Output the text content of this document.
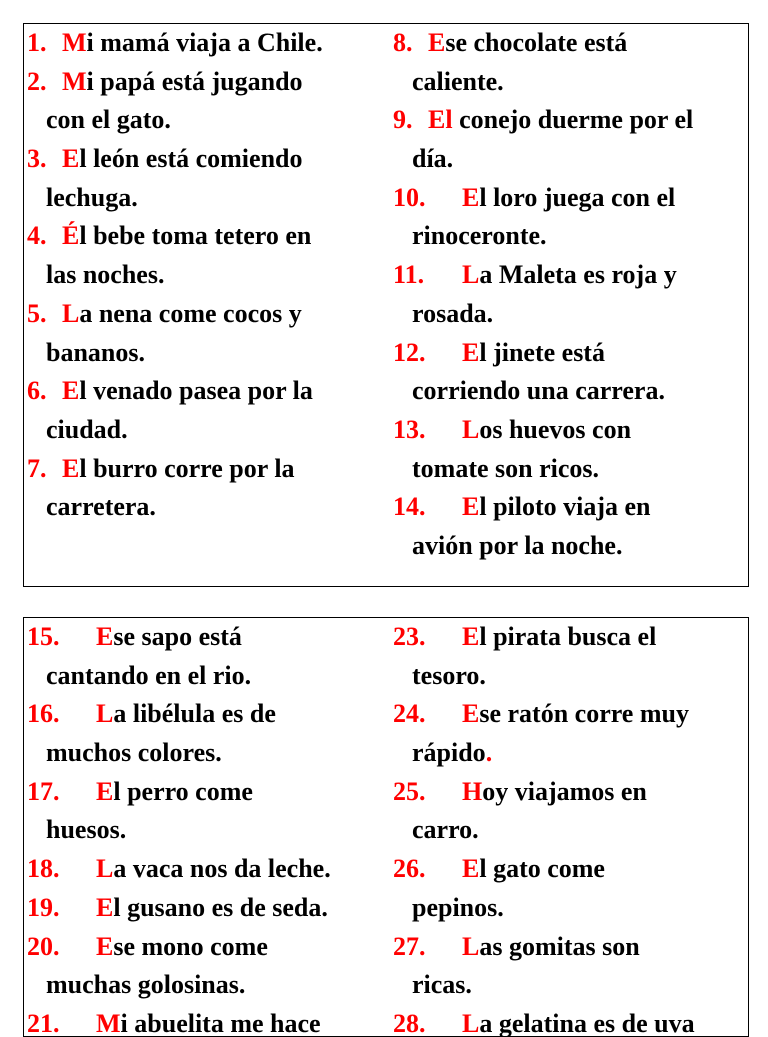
1. Mi mamá viaja a Chile.
2. Mi papá está jugando
con el gato.
3. El león está comiendo
lechuga.
4. Él bebe toma tetero en
las noches.
5. La nena come cocos y
bananos.
6. El venado pasea por la
ciudad.
7. El burro corre por la
carretera.
8. Ese chocolate está
caliente.
9. El conejo duerme por el
día.
10. El loro juega con el
rinoceronte.
11. La Maleta es roja y
rosada.
12. El jinete está
corriendo una carrera.
13. Los huevos con
tomate son ricos.
14. El piloto viaja en
avión por la noche.
15. Ese sapo está
cantando en el rio.
16. La libélula es de
muchos colores.
17. El perro come
huesos.
18. La vaca nos da leche.
19. El gusano es de seda.
20. Ese mono come
muchas golosinas.
21. Mi abuelita me hace
23. El pirata busca el
tesoro.
24. Ese ratón corre muy
rápido.
25. Hoy viajamos en
carro.
26. El gato come
pepinos.
27. Las gomitas son
ricas.
28. La gelatina es de uva
